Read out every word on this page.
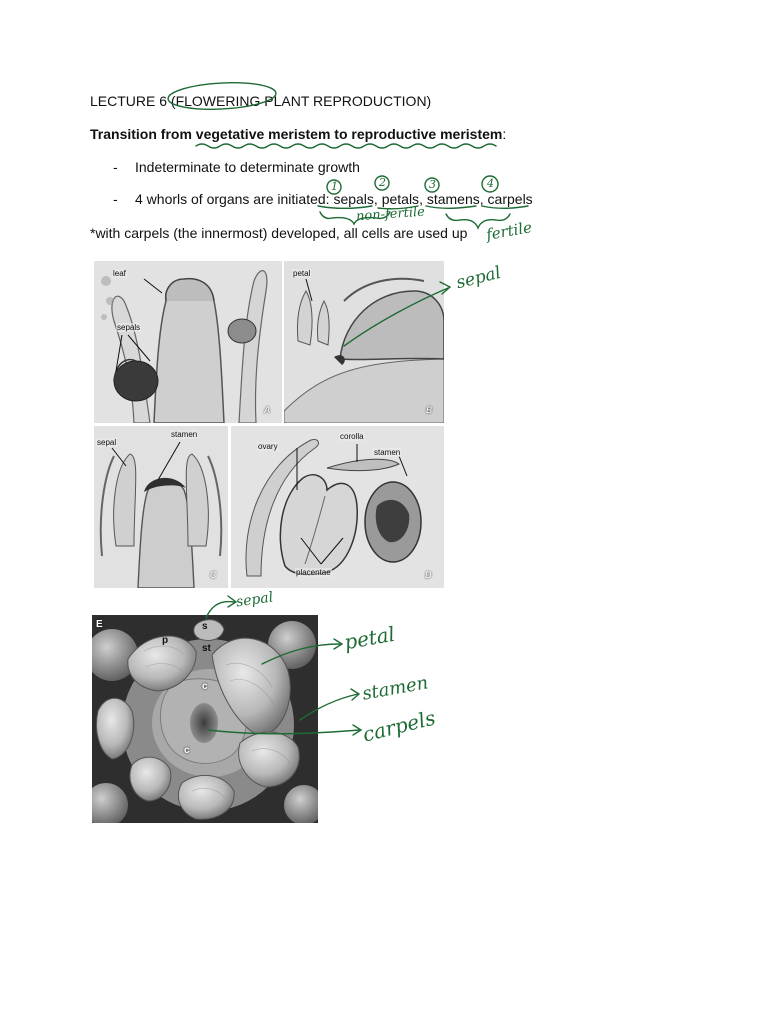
LECTURE 6 (FLOWERING PLANT REPRODUCTION)
Transition from vegetative meristem to reproductive meristem:
- Indeterminate to determinate growth
- 4 whorls of organs are initiated: sepals, petals, stamens, carpels
*with carpels (the innermost) developed, all cells are used up
1	2	3	4
non-fertile
fertile
sepal
sepal
petal
stamen
carpels
leaf
sepals
A
petal
B
sepal
stamen
C
ovary
corolla
stamen
placentae	D
E	s
p
st
c
c
